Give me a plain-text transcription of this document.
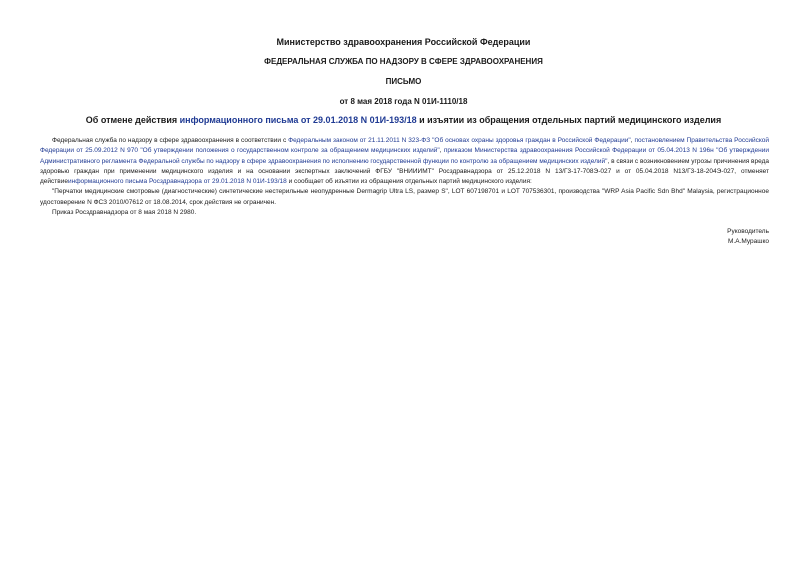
Министерство здравоохранения Российской Федерации
ФЕДЕРАЛЬНАЯ СЛУЖБА ПО НАДЗОРУ В СФЕРЕ ЗДРАВООХРАНЕНИЯ
ПИСЬМО
от 8 мая 2018 года N 01И-1110/18
Об отмене действия информационного письма от 29.01.2018 N 01И-193/18 и изъятии из обращения отдельных партий медицинского изделия

Федеральная служба по надзору в сфере здравоохранения в соответствии с Федеральным законом от 21.11.2011 N 323-ФЗ "Об основах охраны здоровья граждан в Российской Федерации", постановлением Правительства Российской Федерации от 25.09.2012 N 970 "Об утверждении положения о государственном контроле за обращением медицинских изделий", приказом Министерства здравоохранения Российской Федерации от 05.04.2013 N 196н "Об утверждении Административного регламента Федеральной службы по надзору в сфере здравоохранения по исполнению государственной функции по контролю за обращением медицинских изделий", в связи с возникновением угрозы причинения вреда здоровью граждан при применении медицинского изделия и на основании экспертных заключений ФГБУ "ВНИИИМТ" Росздравнадзора от 25.12.2018 N 13/Г3-17-708Э-027 и от 05.04.2018 N13/Г3-18-204Э-027, отменяет действиеинформационного письма Росздравнадзора от 29.01.2018 N 01И-193/18 и сообщает об изъятии из обращения отдельных партий медицинского изделия:

"Перчатки медицинские смотровые (диагностические) синтетические нестерильные неопудренные Dermagrip Ultra LS, размер S", LOT 607198701 и LOT 707536301, производства "WRP Asia Pacific Sdn Bhd" Malaysia, регистрационное удостоверение N ФСЗ 2010/07612 от 18.08.2014, срок действия не ограничен.

Приказ Росздравнадзора от 8 мая 2018 N 2980.

Руководитель
М.А.Мурашко
